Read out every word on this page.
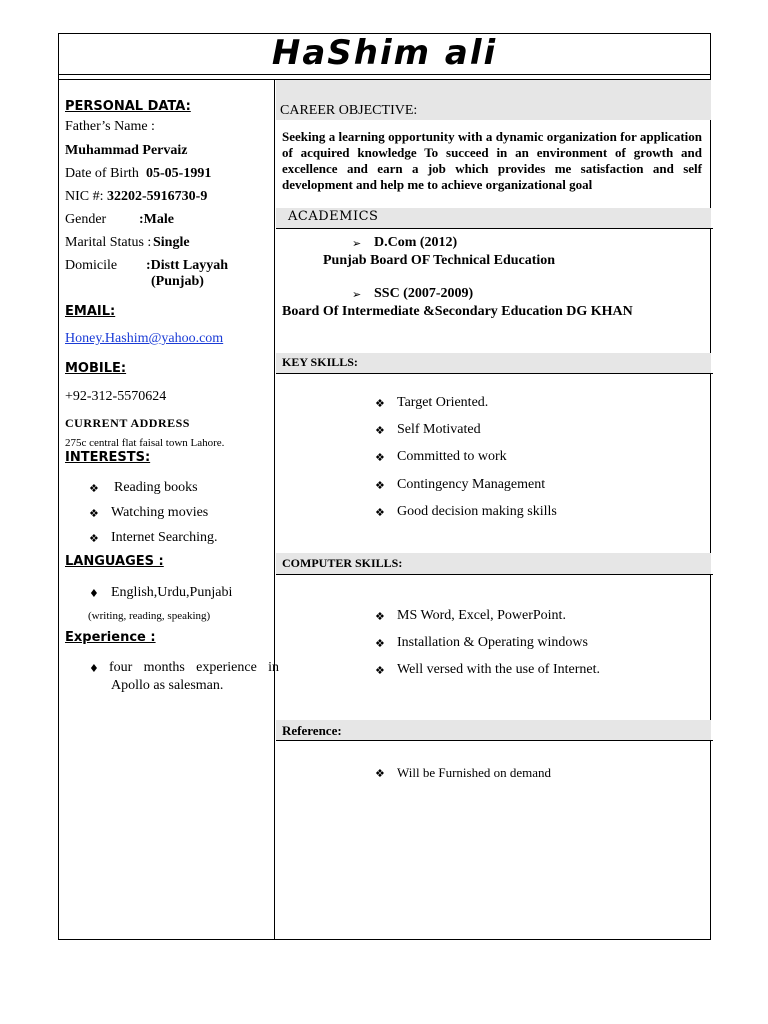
HaShim ali
PERSONAL DATA:
Father’s Name :
Muhammad Pervaiz
Date of Birth 05-05-1991
NIC #: 32202-5916730-9
Gender :Male
Marital Status : Single
Domicile :Distt Layyah
(Punjab)
EMAIL:
Honey.Hashim@yahoo.com
MOBILE:
+92-312-5570624
CURRENT ADDRESS
275c central flat faisal town Lahore.
INTERESTS:
❖ Reading books
❖ Watching movies
❖ Internet Searching.
LANGUAGES :
♦ English,Urdu,Punjabi
(writing, reading, speaking)
Experience :
♦ four months experience in
Apollo as salesman.
CAREER OBJECTIVE:
Seeking a learning opportunity with a dynamic organization for application of acquired knowledge To succeed in an environment of growth and excellence and earn a job which provides me satisfaction and self development and help me to achieve organizational goal
ACADEMICS
➢ D.Com (2012)
Punjab Board OF Technical Education
➢ SSC (2007-2009)
Board Of Intermediate &Secondary Education DG KHAN
KEY SKILLS:
❖ Target Oriented.
❖ Self Motivated
❖ Committed to work
❖ Contingency Management
❖ Good decision making skills
COMPUTER SKILLS:
❖ MS Word, Excel, PowerPoint.
❖ Installation & Operating windows
❖ Well versed with the use of Internet.
Reference:
❖ Will be Furnished on demand
